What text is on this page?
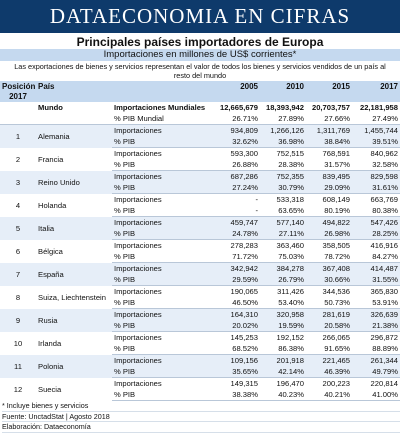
DATAECONOMIA EN CIFRAS
Principales países importadores de Europa
Importaciones en millones de US$ corrientes*
Las exportaciones de bienes y servicios representan el valor de todos los bienes y servicios vendidos de un país al resto del mundo
Posición 2017	País		2005	2010	2015	2017

	Mundo	Importaciones Mundiales	12,665,679	18,393,942	20,703,757	22,181,958
		% PIB Mundial	26.71%	27.89%	27.66%	27.49%
1	Alemania	Importaciones	934,809	1,266,126	1,311,769	1,455,744
		% PIB	32.62%	36.98%	38.84%	39.51%
2	Francia	Importaciones	593,300	752,515	768,591	840,962
		% PIB	26.88%	28.38%	31.57%	32.58%
3	Reino Unido	Importaciones	687,286	752,355	839,495	829,598
		% PIB	27.24%	30.79%	29.09%	31.61%
4	Holanda	Importaciones	-	533,318	608,149	663,769
		% PIB	-	63.65%	80.19%	80.38%
5	Italia	Importaciones	459,747	577,140	494,822	547,426
		% PIB	24.78%	27.11%	26.98%	28.25%
6	Bélgica	Importaciones	278,283	363,460	358,505	416,916
		% PIB	71.72%	75.03%	78.72%	84.27%
7	España	Importaciones	342,942	384,278	367,408	414,487
		% PIB	29.59%	26.79%	30.66%	31.55%
8	Suiza, Liechtenstein	Importaciones	190,065	311,426	344,536	365,830
		% PIB	46.50%	53.40%	50.73%	53.91%
9	Rusia	Importaciones	164,310	320,958	281,619	326,639
		% PIB	20.02%	19.59%	20.58%	21.38%
10	Irlanda	Importaciones	145,253	192,152	266,065	296,872
		% PIB	68.52%	86.38%	91.65%	88.89%
11	Polonia	Importaciones	109,156	201,918	221,465	261,344
		% PIB	35.65%	42.14%	46.39%	49.79%
12	Suecia	Importaciones	149,315	196,470	200,223	220,814
		% PIB	38.38%	40.23%	40.21%	41.00%
* Incluye bienes y servicios
Fuente: UnctadStat | Agosto 2018
Elaboración: Dataeconomía
